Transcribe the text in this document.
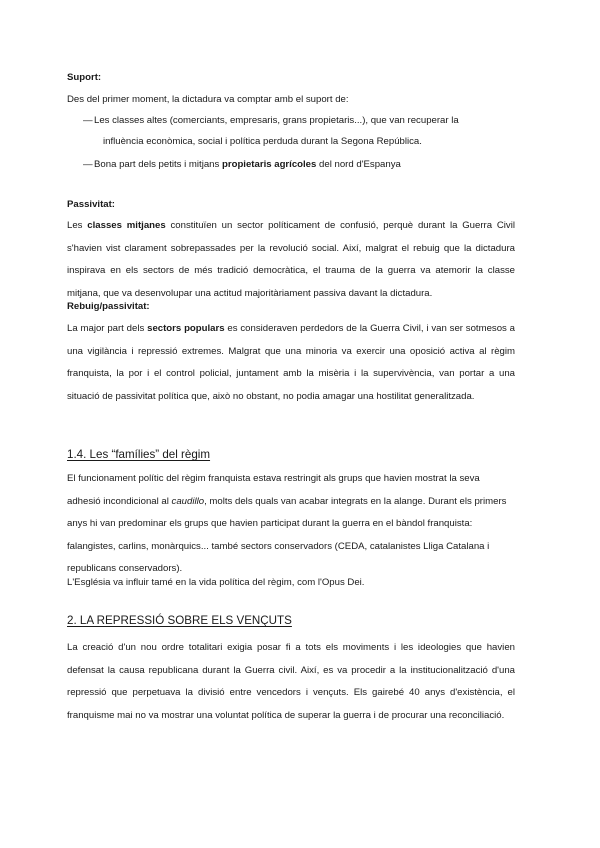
Suport:
Des del primer moment, la dictadura va comptar amb el suport de:
— Les classes altes (comerciants, empresaris, grans propietaris...), que van recuperar la
influència econòmica, social i política perduda durant la Segona República.
— Bona part dels petits i mitjans propietaris agrícoles del nord d'Espanya
Passivitat:
Les classes mitjanes constituïen un sector políticament de confusió, perquè durant la Guerra Civil s'havien vist clarament sobrepassades per la revolució social. Així, malgrat el rebuig que la dictadura inspirava en els sectors de més tradició democràtica, el trauma de la guerra va atemorir la classe mitjana, que va desenvolupar una actitud majoritàriament passiva davant la dictadura.
Rebuig/passivitat:
La major part dels sectors populars es consideraven perdedors de la Guerra Civil, i van ser sotmesos a una vigilància i repressió extremes. Malgrat que una minoria va exercir una oposició activa al règim franquista, la por i el control policial, juntament amb la misèria i la supervivència, van portar a una situació de passivitat política que, això no obstant, no podia amagar una hostilitat generalitzada.
1.4. Les “famílies” del règim
El funcionament polític del règim franquista estava restringit als grups que havien mostrat la seva adhesió incondicional al caudillo, molts dels quals van acabar integrats en la alange. Durant els primers anys hi van predominar els grups que havien participat durant la guerra en el bàndol franquista: falangistes, carlins, monàrquics... també sectors conservadors (CEDA, catalanistes Lliga Catalana i republicans conservadors).
L'Església va influir tamé en la vida política del règim, com l'Opus Dei.
2. LA REPRESSIÓ SOBRE ELS VENÇUTS
La creació d'un nou ordre totalitari exigia posar fi a tots els moviments i les ideologies que havien defensat la causa republicana durant la Guerra civil. Així, es va procedir a la institucionalització d'una repressió que perpetuava la divisió entre vencedors i vençuts. Els gairebé 40 anys d'existència, el franquisme mai no va mostrar una voluntat política de superar la guerra i de procurar una reconciliació.
